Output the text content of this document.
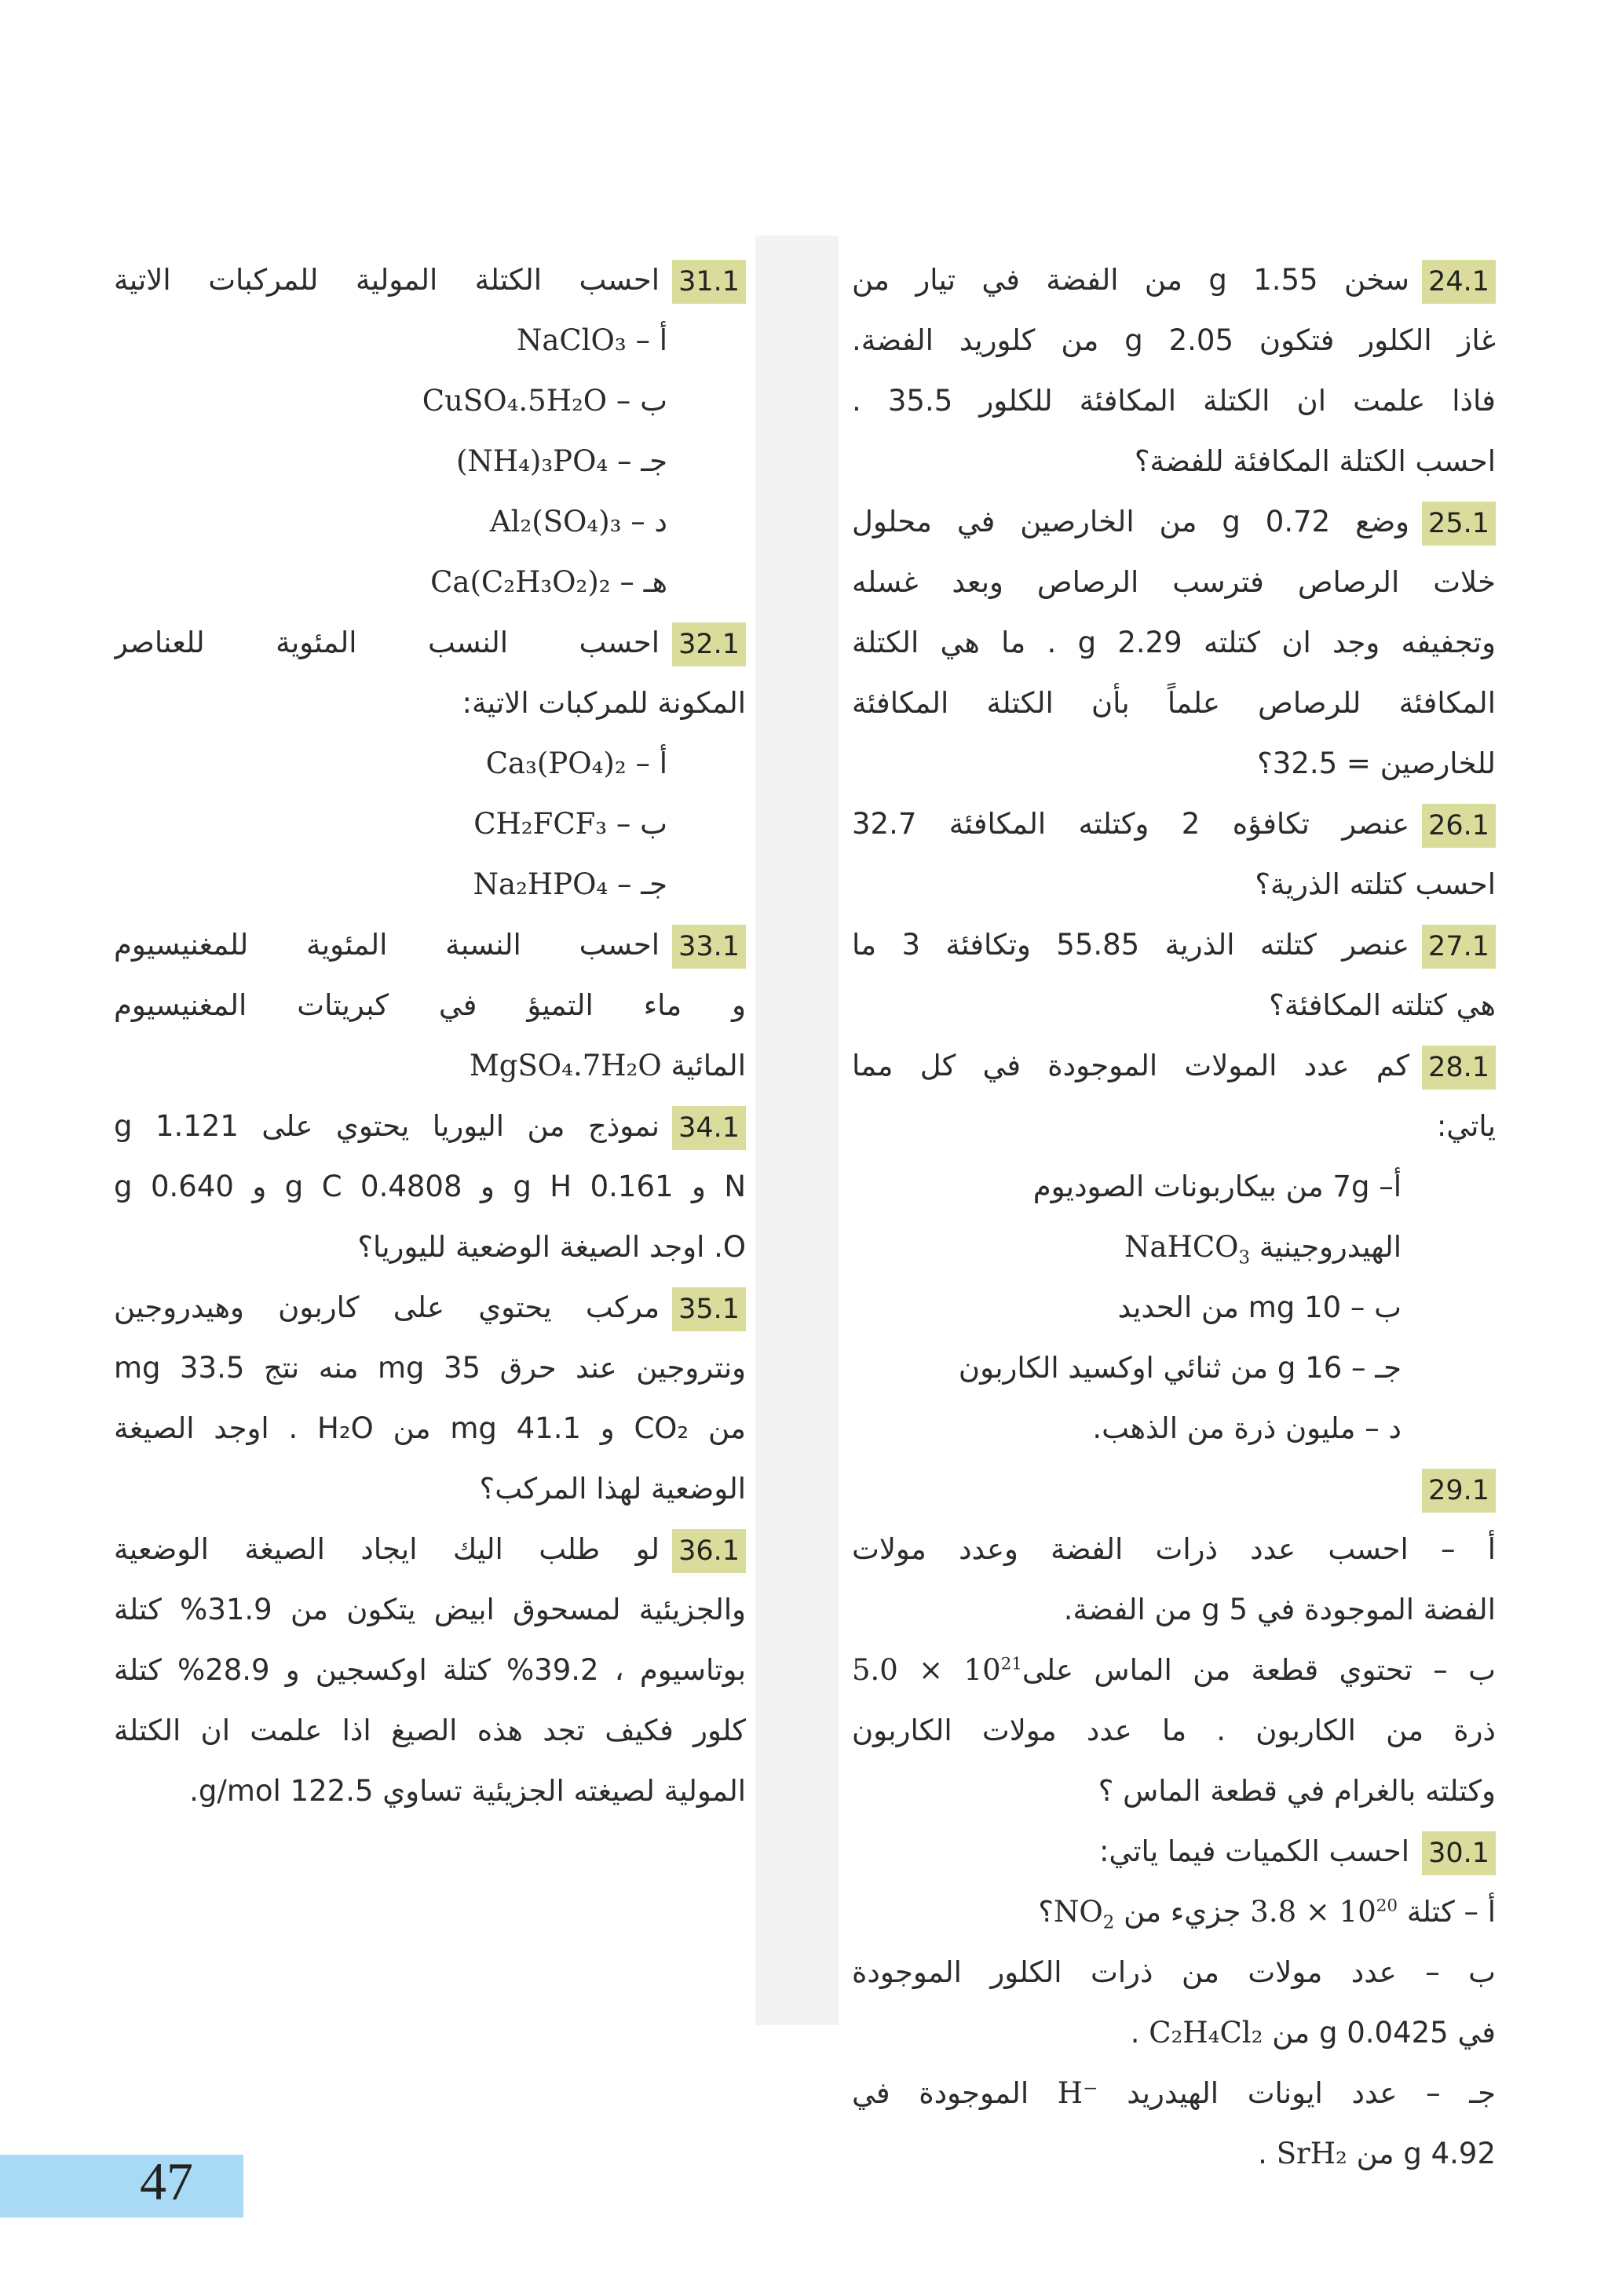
24.1سخن 1.55 g من الفضة في تيار من
غاز الكلور فتكون 2.05 g من كلوريد الفضة.
فاذا علمت ان الكتلة المكافئة للكلور 35.5 .
احسب الكتلة المكافئة للفضة؟
25.1وضع 0.72 g من الخارصين في محلول
خلات الرصاص فترسب الرصاص وبعد غسله
وتجفيفه وجد ان كتلته 2.29 g . ما هي الكتلة
المكافئة للرصاص علماً بأن الكتلة المكافئة
للخارصين = 32.5؟
26.1عنصر تكافؤه 2 وكتلته المكافئة 32.7
احسب كتلته الذرية؟
27.1عنصر كتلته الذرية 55.85 وتكافئة 3 ما
هي كتلته المكافئة؟
28.1كم عدد المولات الموجودة في كل مما
ياتي:
أ– 7g من بيكاربونات الصوديوم
الهيدروجينية NaHCO$_3$
ب – 10 mg من الحديد
جـ – 16 g من ثنائي اوكسيد الكاربون
د – مليون ذرة من الذهب.
29.1
أ – احسب عدد ذرات الفضة وعدد مولات
الفضة الموجودة في 5 g من الفضة.
ب – تحتوي قطعة من الماس على5.0 × $10^{21}$
ذرة من الكاربون . ما عدد مولات الكاربون
وكتلته بالغرام في قطعة الماس ؟
30.1احسب الكميات فيما ياتي:
أ – كتلة $3.8 \times 10^{20}$ جزيء من $NO_2؟$
ب – عدد مولات من ذرات الكلور الموجودة
في 0.0425 g من C₂H₄Cl₂ .
جـ – عدد ايونات الهيدريد H⁻ الموجودة في
4.92 g من SrH₂ .
31.1احسب الكتلة المولية للمركبات الاتية
أ – NaClO₃
ب – CuSO₄.5H₂O
جـ – (NH₄)₃PO₄
د – Al₂(SO₄)₃
هـ – Ca(C₂H₃O₂)₂
32.1احسب النسب المئوية للعناصر
المكونة للمركبات الاتية:
أ – Ca₃(PO₄)₂
ب – CH₂FCF₃
جـ – Na₂HPO₄
33.1احسب النسبة المئوية للمغنيسيوم
و ماء التميؤ في كبريتات المغنيسيوم
المائية MgSO₄.7H₂O
34.1نموذج من اليوريا يحتوي على 1.121 g
N و 0.161 g H و 0.4808 g C و 0.640 g
O. اوجد الصيغة الوضعية لليوريا؟
35.1مركب يحتوي على كاربون وهيدروجين
ونتروجين عند حرق 35 mg منه نتج 33.5 mg
من CO₂ و 41.1 mg من H₂O . اوجد الصيغة
الوضعية لهذا المركب؟
36.1لو طلب اليك ايجاد الصيغة الوضعية
والجزيئية لمسحوق ابيض يتكون من 31.9% كتلة
بوتاسيوم ، 39.2% كتلة اوكسجين و 28.9% كتلة
كلور فكيف تجد هذه الصيغ اذا علمت ان الكتلة
المولية لصيغته الجزيئية تساوي 122.5 g/mol.
47
